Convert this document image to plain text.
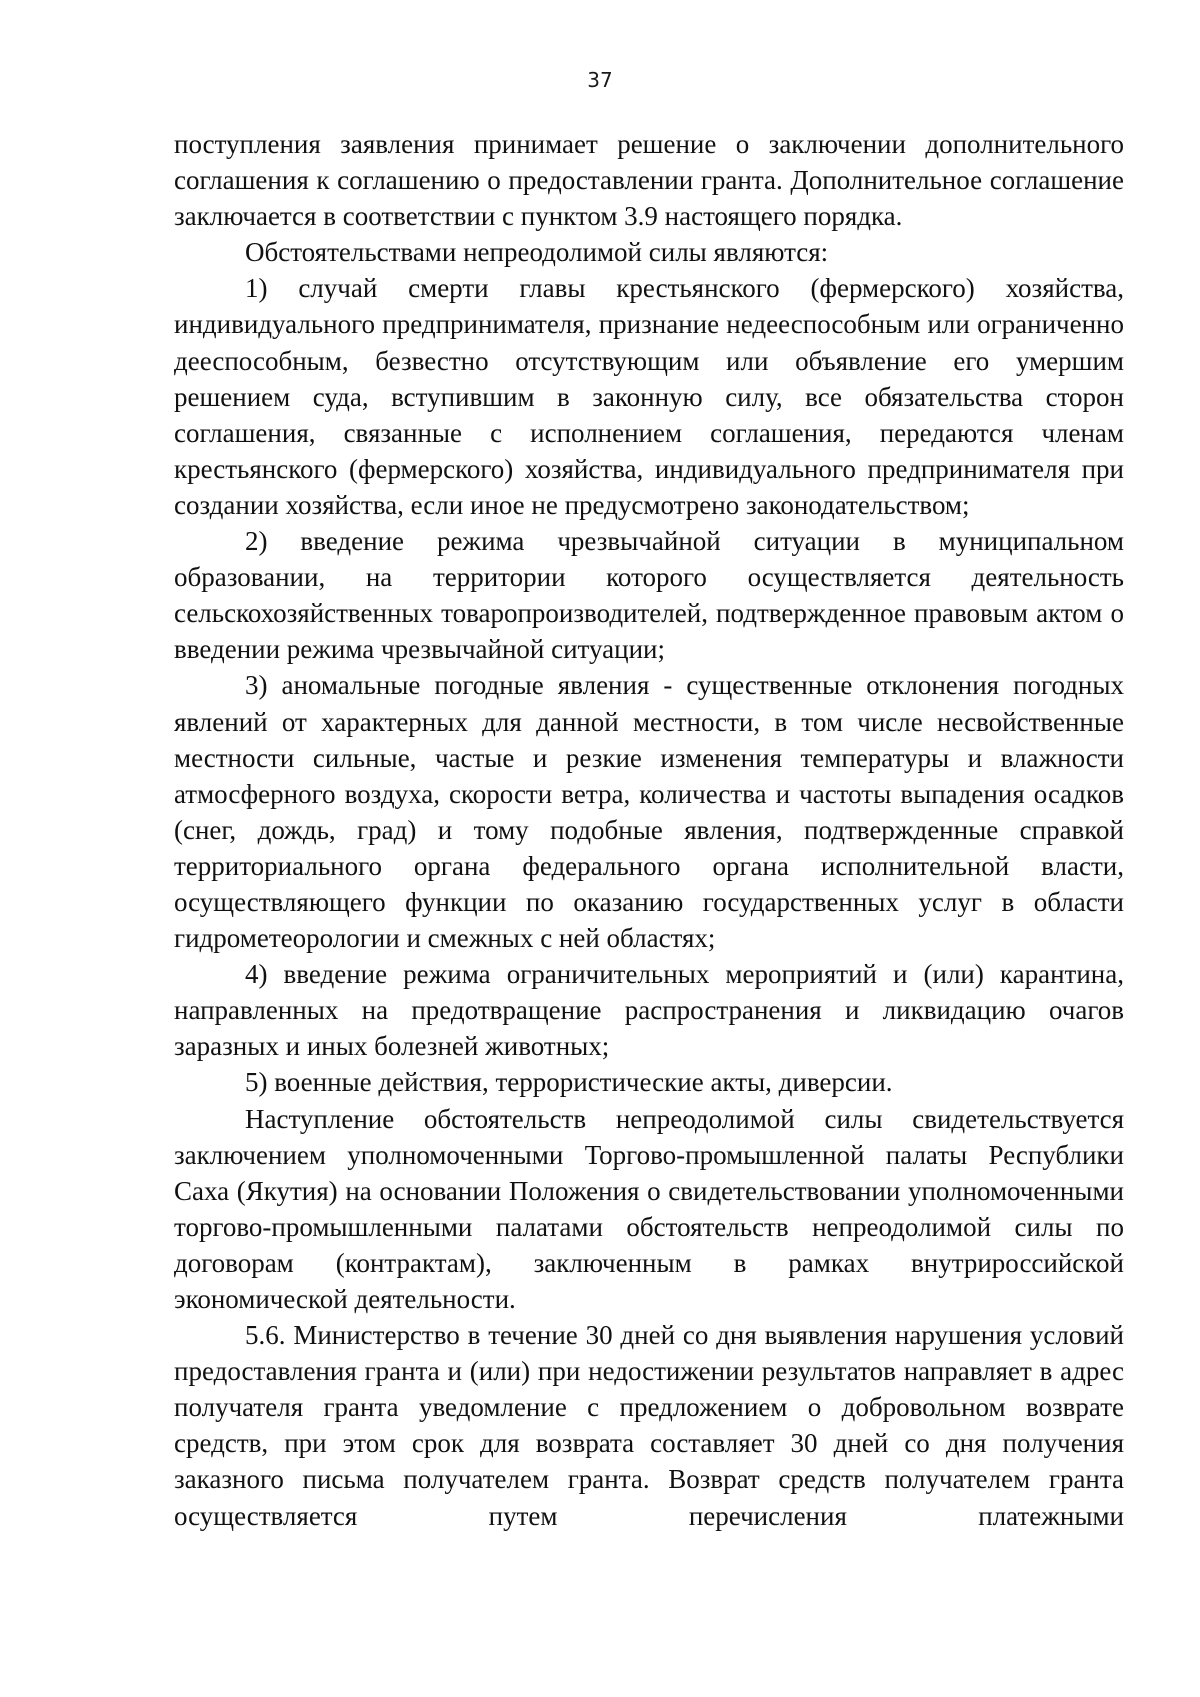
37

поступления заявления принимает решение о заключении дополнительного соглашения к соглашению о предоставлении гранта. Дополнительное соглашение заключается в соответствии с пунктом 3.9 настоящего порядка.

Обстоятельствами непреодолимой силы являются:

1) случай смерти главы крестьянского (фермерского) хозяйства, индивидуального предпринимателя, признание недееспособным или ограниченно дееспособным, безвестно отсутствующим или объявление его умершим решением суда, вступившим в законную силу, все обязательства сторон соглашения, связанные с исполнением соглашения, передаются членам крестьянского (фермерского) хозяйства, индивидуального предпринимателя при создании хозяйства, если иное не предусмотрено законодательством;

2) введение режима чрезвычайной ситуации в муниципальном образовании, на территории которого осуществляется деятельность сельскохозяйственных товаропроизводителей, подтвержденное правовым актом о введении режима чрезвычайной ситуации;

3) аномальные погодные явления - существенные отклонения погодных явлений от характерных для данной местности, в том числе несвойственные местности сильные, частые и резкие изменения температуры и влажности атмосферного воздуха, скорости ветра, количества и частоты выпадения осадков (снег, дождь, град) и тому подобные явления, подтвержденные справкой территориального органа федерального органа исполнительной власти, осуществляющего функции по оказанию государственных услуг в области гидрометеорологии и смежных с ней областях;

4) введение режима ограничительных мероприятий и (или) карантина, направленных на предотвращение распространения и ликвидацию очагов заразных и иных болезней животных;

5) военные действия, террористические акты, диверсии.

Наступление обстоятельств непреодолимой силы свидетельствуется заключением уполномоченными Торгово-промышленной палаты Республики Саха (Якутия) на основании Положения о свидетельствовании уполномоченными торгово-промышленными палатами обстоятельств непреодолимой силы по договорам (контрактам), заключенным в рамках внутрироссийской экономической деятельности.

5.6. Министерство в течение 30 дней со дня выявления нарушения условий предоставления гранта и (или) при недостижении результатов направляет в адрес получателя гранта уведомление с предложением о добровольном возврате средств, при этом срок для возврата составляет 30 дней со дня получения заказного письма получателем гранта. Возврат средств получателем гранта осуществляется путем перечисления платежными
